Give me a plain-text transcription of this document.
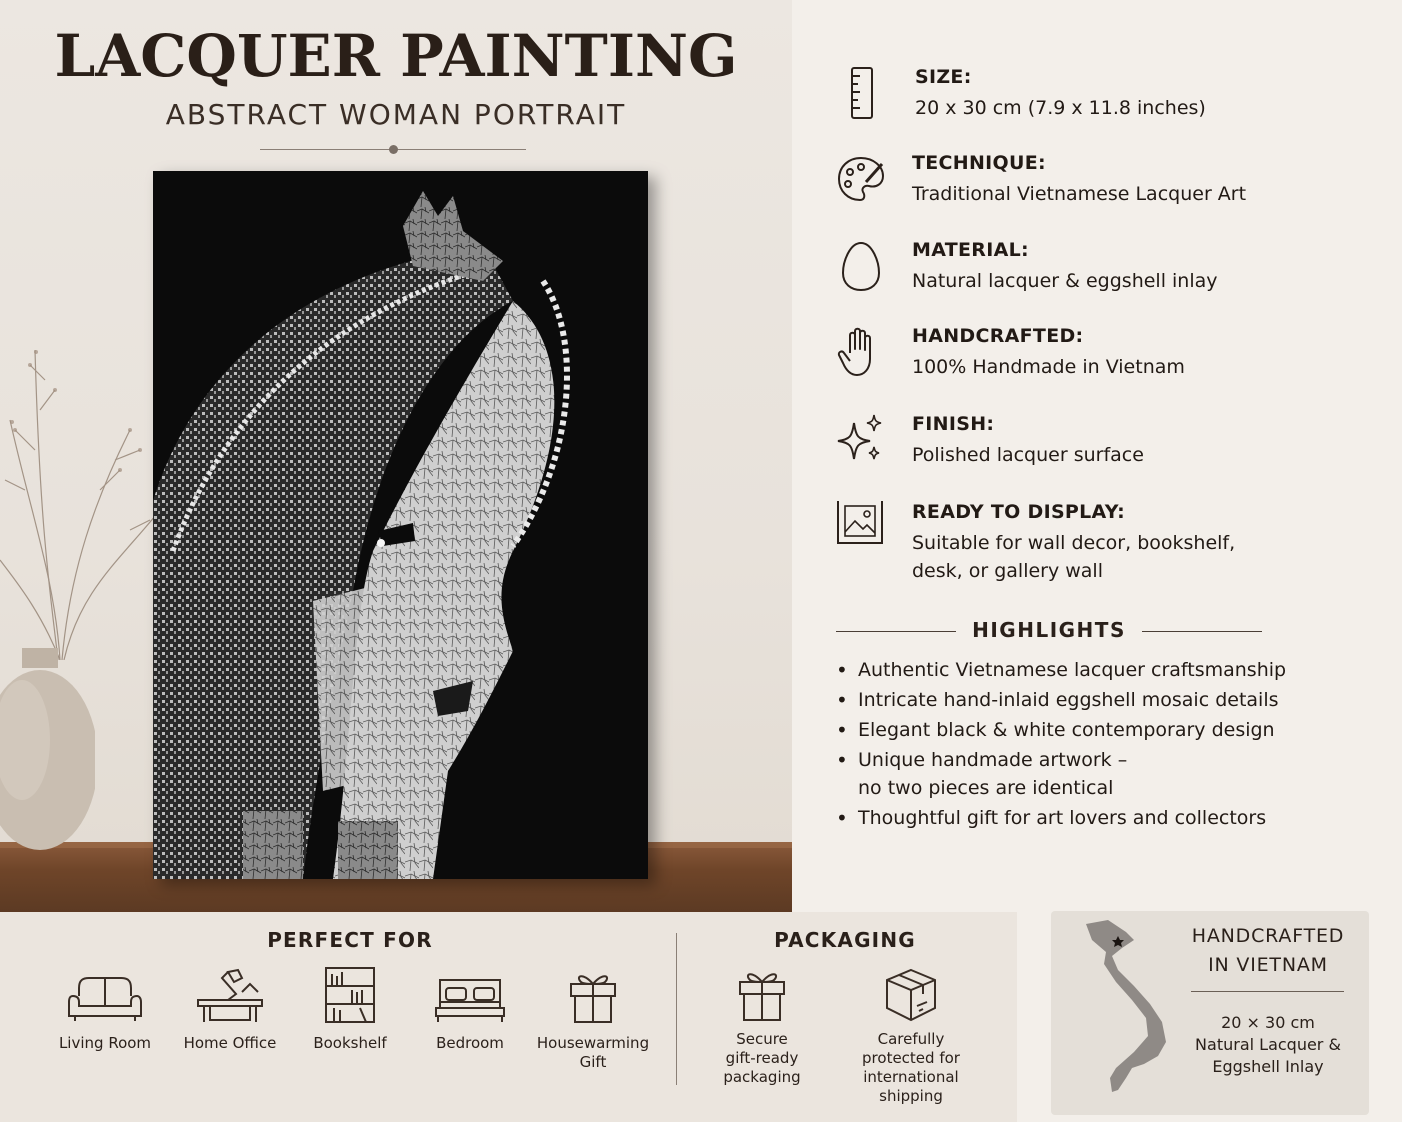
LACQUER PAINTING
ABSTRACT WOMAN PORTRAIT
SIZE:
20 x 30 cm (7.9 x 11.8 inches)
TECHNIQUE:
Traditional Vietnamese Lacquer Art
MATERIAL:
Natural lacquer & eggshell inlay
HANDCRAFTED:
100% Handmade in Vietnam
FINISH:
Polished lacquer surface
READY TO DISPLAY:
Suitable for wall decor, bookshelf, desk, or gallery wall
HIGHLIGHTS
• Authentic Vietnamese lacquer craftsmanship
• Intricate hand-inlaid eggshell mosaic details
• Elegant black & white contemporary design
• Unique handmade artwork –
no two pieces are identical
• Thoughtful gift for art lovers and collectors
PERFECT FOR
Living Room	Home Office	Bookshelf	Bedroom	Housewarming
Gift
PACKAGING
Secure
gift-ready
packaging
Carefully
protected for
international
shipping
HANDCRAFTED
IN VIETNAM
20 × 30 cm
Natural Lacquer &
Eggshell Inlay
